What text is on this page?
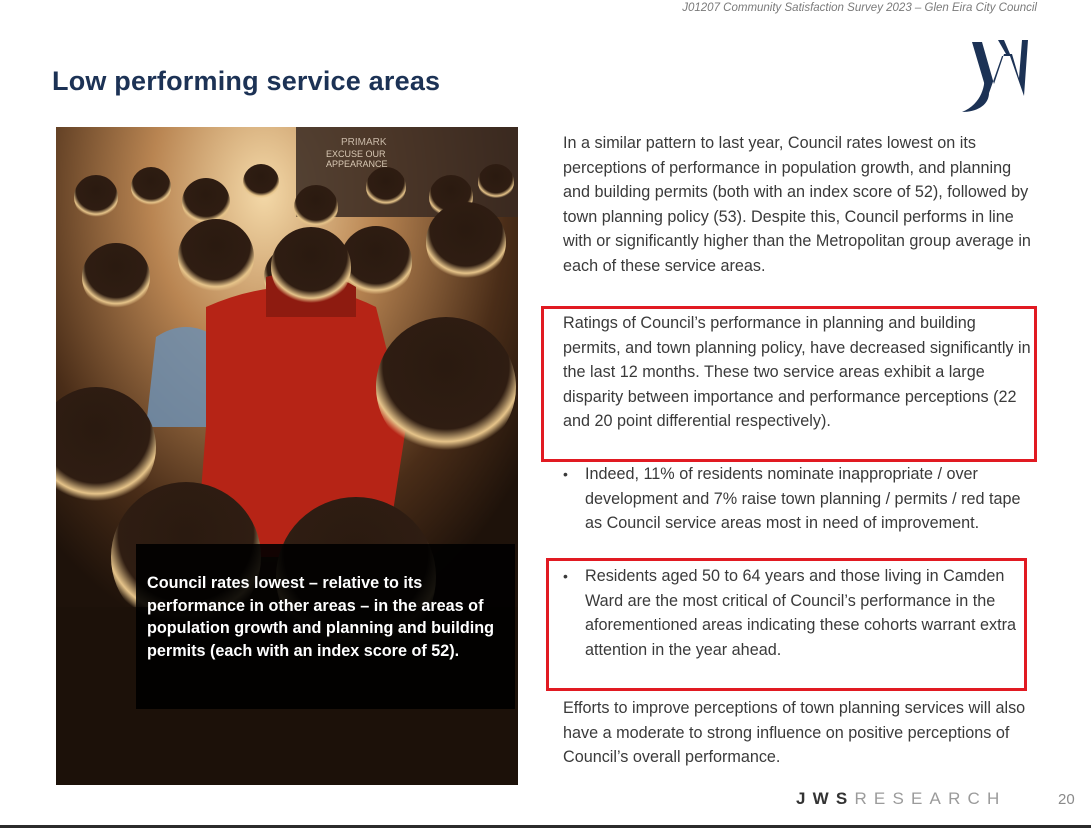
J01207 Community Satisfaction Survey 2023 – Glen Eira City Council
Low performing service areas
PRIMARK
EXCUSE OUR
APPEARANCE

Council rates lowest – relative to its performance in other areas – in the areas of population growth and planning and building permits (each with an index score of 52).

In a similar pattern to last year, Council rates lowest on its perceptions of performance in population growth, and planning and building permits (both with an index score of 52), followed by town planning policy (53). Despite this, Council performs in line with or significantly higher than the Metropolitan group average in each of these service areas.

Ratings of Council’s performance in planning and building permits, and town planning policy, have decreased significantly in the last 12 months. These two service areas exhibit a large disparity between importance and performance perceptions (22 and 20 point differential respectively).

• Indeed, 11% of residents nominate inappropriate / over development and 7% raise town planning / permits / red tape as Council service areas most in need of improvement.
• Residents aged 50 to 64 years and those living in Camden Ward are the most critical of Council’s performance in the aforementioned areas indicating these cohorts warrant extra attention in the year ahead.

Efforts to improve perceptions of town planning services will also have a moderate to strong influence on positive perceptions of Council’s overall performance.

JWSRESEARCH	20
